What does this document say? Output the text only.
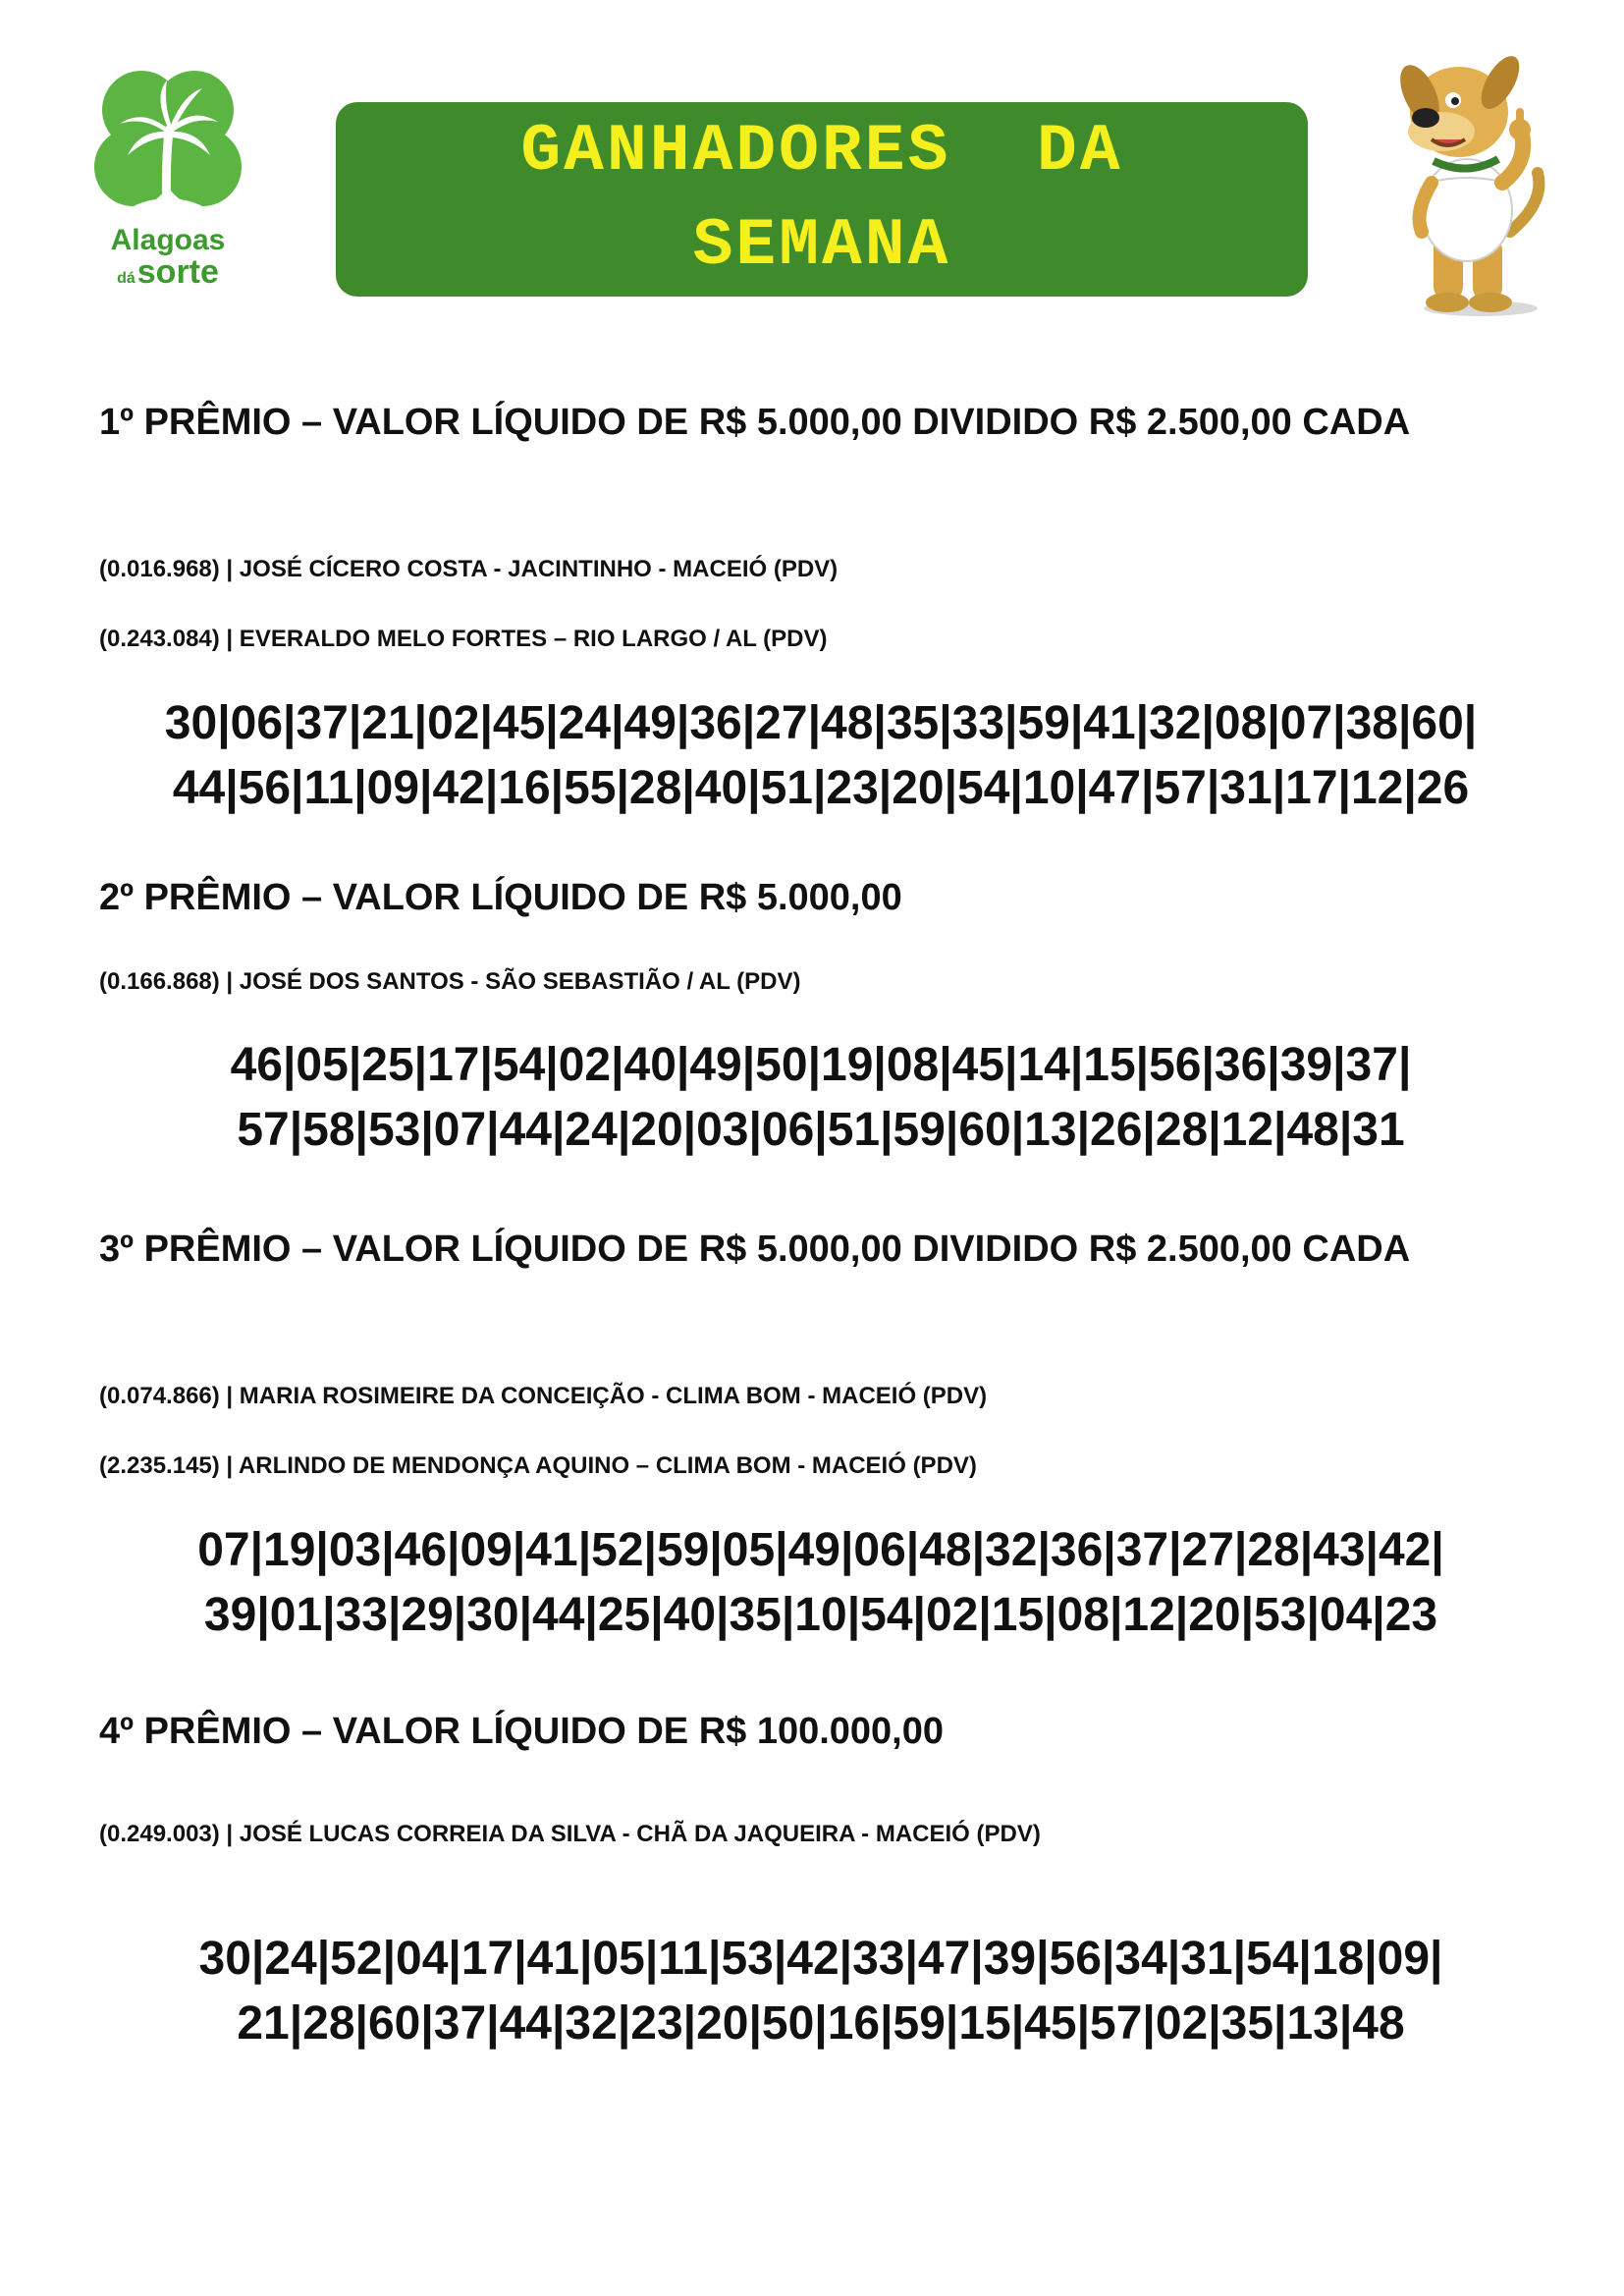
Alagoas
dásorte
GANHADORES  DA
SEMANA

1º PRÊMIO – VALOR LÍQUIDO DE R$ 5.000,00 DIVIDIDO R$ 2.500,00 CADA

(0.016.968) | JOSÉ CÍCERO COSTA - JACINTINHO - MACEIÓ (PDV)

(0.243.084) | EVERALDO MELO FORTES – RIO LARGO / AL (PDV)

30|06|37|21|02|45|24|49|36|27|48|35|33|59|41|32|08|07|38|60|
44|56|11|09|42|16|55|28|40|51|23|20|54|10|47|57|31|17|12|26

2º PRÊMIO – VALOR LÍQUIDO DE R$ 5.000,00

(0.166.868) | JOSÉ DOS SANTOS - SÃO SEBASTIÃO / AL (PDV)

46|05|25|17|54|02|40|49|50|19|08|45|14|15|56|36|39|37|
57|58|53|07|44|24|20|03|06|51|59|60|13|26|28|12|48|31

3º PRÊMIO – VALOR LÍQUIDO DE R$ 5.000,00 DIVIDIDO R$ 2.500,00 CADA

(0.074.866) | MARIA ROSIMEIRE DA CONCEIÇÃO - CLIMA BOM - MACEIÓ (PDV)

(2.235.145) | ARLINDO DE MENDONÇA AQUINO – CLIMA BOM - MACEIÓ (PDV)

07|19|03|46|09|41|52|59|05|49|06|48|32|36|37|27|28|43|42|
39|01|33|29|30|44|25|40|35|10|54|02|15|08|12|20|53|04|23

4º PRÊMIO – VALOR LÍQUIDO DE R$ 100.000,00

(0.249.003) | JOSÉ LUCAS CORREIA DA SILVA - CHÃ DA JAQUEIRA - MACEIÓ (PDV)

30|24|52|04|17|41|05|11|53|42|33|47|39|56|34|31|54|18|09|
21|28|60|37|44|32|23|20|50|16|59|15|45|57|02|35|13|48
